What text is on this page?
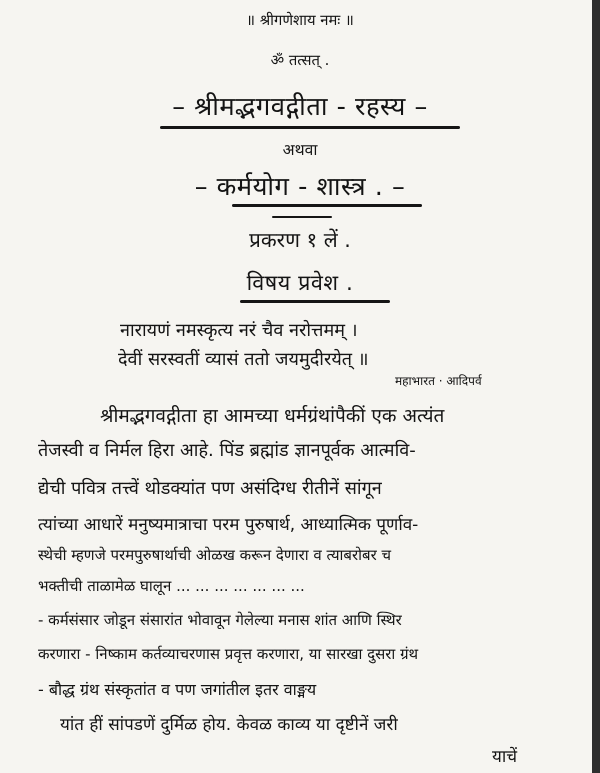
॥ श्रीगणेशाय नमः ॥
ॐ तत्सत् .
– श्रीमद्भगवद्गीता - रहस्य –
अथवा
– कर्मयोग - शास्त्र . –
प्रकरण १ लें .
विषय प्रवेश .
नारायणं नमस्कृत्य नरं चैव नरोत्तमम् ।
देवीं सरस्वतीं व्यासं ततो जयमुदीरयेत् ॥
महाभारत · आदिपर्व
श्रीमद्भगवद्गीता हा आमच्या धर्मग्रंथांपैकीं एक अत्यंत
तेजस्वी व निर्मल हिरा आहे. पिंड ब्रह्मांड ज्ञानपूर्वक आत्मवि-
द्येची पवित्र तत्त्वें थोडक्यांत पण असंदिग्ध रीतीनें सांगून
त्यांच्या आधारें मनुष्यमात्राचा परम पुरुषार्थ, आध्यात्मिक पूर्णाव-
स्थेची म्हणजे परमपुरुषार्थाची ओळख करून देणारा व त्याबरोबर च
भक्तीची ताळामेळ घालून ... ... ... ... ... ... ...
- कर्मसंसार जोडून संसारांत भोवावून गेलेल्या मनास शांत आणि स्थिर
करणारा - निष्काम कर्तव्याचरणास प्रवृत्त करणारा, या सारखा दुसरा ग्रंथ
- बौद्ध ग्रंथ संस्कृतांत व पण जगांतील इतर वाङ्मय
यांत हीं सांपडणें दुर्मिळ होय. केवळ काव्य या दृष्टीनें जरी
याचें
